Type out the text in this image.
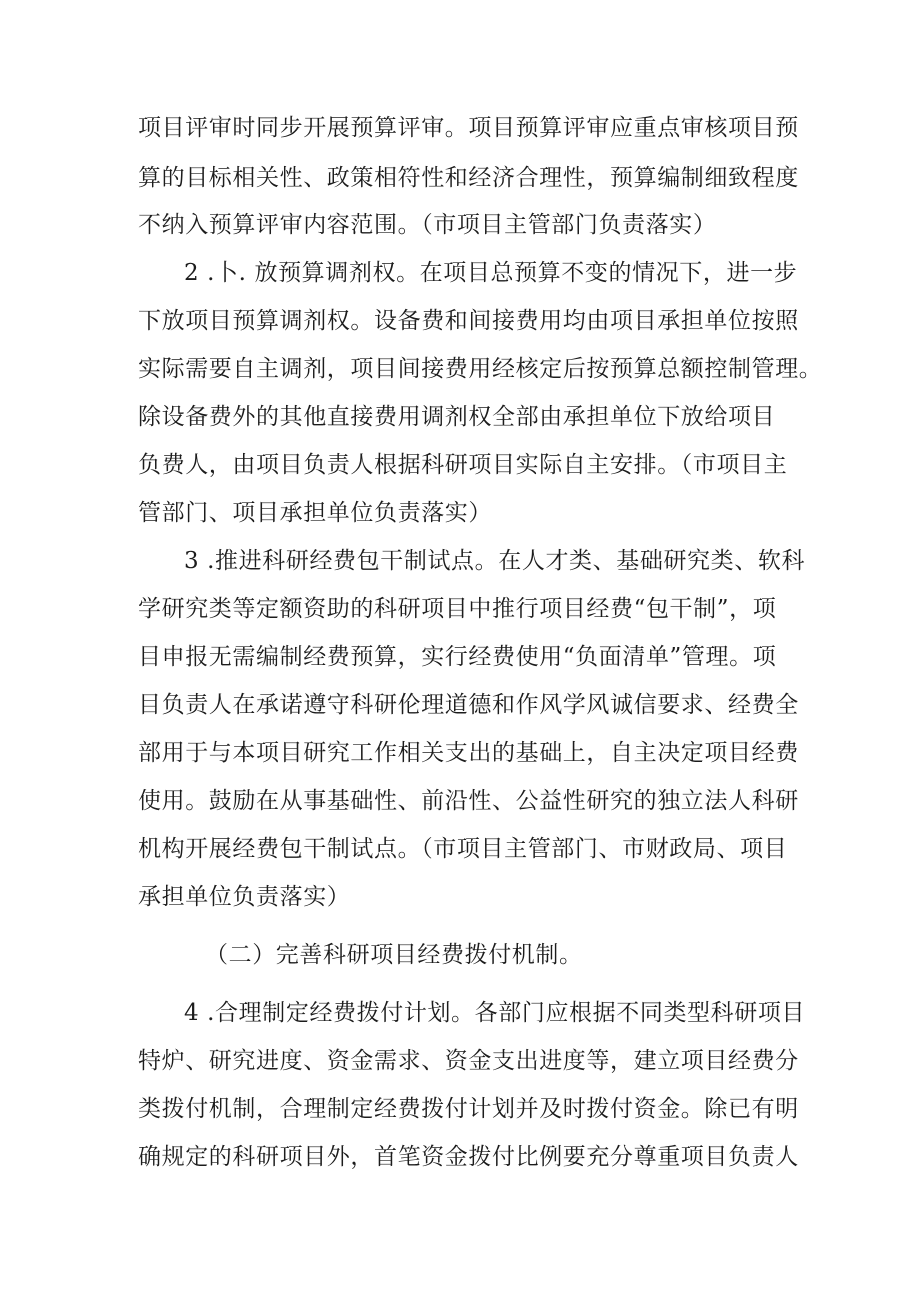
项目评审时同步开展预算评审。项目预算评审应重点审核项目预
算的目标相关性、政策相符性和经济合理性，预算编制细致程度
不纳入预算评审内容范围。（市项目主管部门负责落实）
2 .卜. 放预算调剂权。在项目总预算不变的情况下，进一步
下放项目预算调剂权。设备费和间接费用均由项目承担单位按照
实际需要自主调剂，项目间接费用经核定后按预算总额控制管理。
除设备费外的其他直接费用调剂权全部由承担单位下放给项目
负费人，由项目负责人根据科研项目实际自主安排。（市项目主
管部门、项目承担单位负责落实）
3 .推进科研经费包干制试点。在人才类、基础研究类、软科
学研究类等定额资助的科研项目中推行项目经费“包干制”，项
目申报无需编制经费预算，实行经费使用“负面清单”管理。项
目负责人在承诺遵守科研伦理道德和作风学风诚信要求、经费全
部用于与本项目研究工作相关支出的基础上，自主决定项目经费
使用。鼓励在从事基础性、前沿性、公益性研究的独立法人科研
机构开展经费包干制试点。（市项目主管部门、市财政局、项目
承担单位负责落实）
（二）完善科研项目经费拨付机制。
4 .合理制定经费拨付计划。各部门应根据不同类型科研项目
特炉、研究进度、资金需求、资金支出进度等，建立项目经费分
类拨付机制，合理制定经费拨付计划并及时拨付资金。除已有明
确规定的科研项目外，首笔资金拨付比例要充分尊重项目负责人
